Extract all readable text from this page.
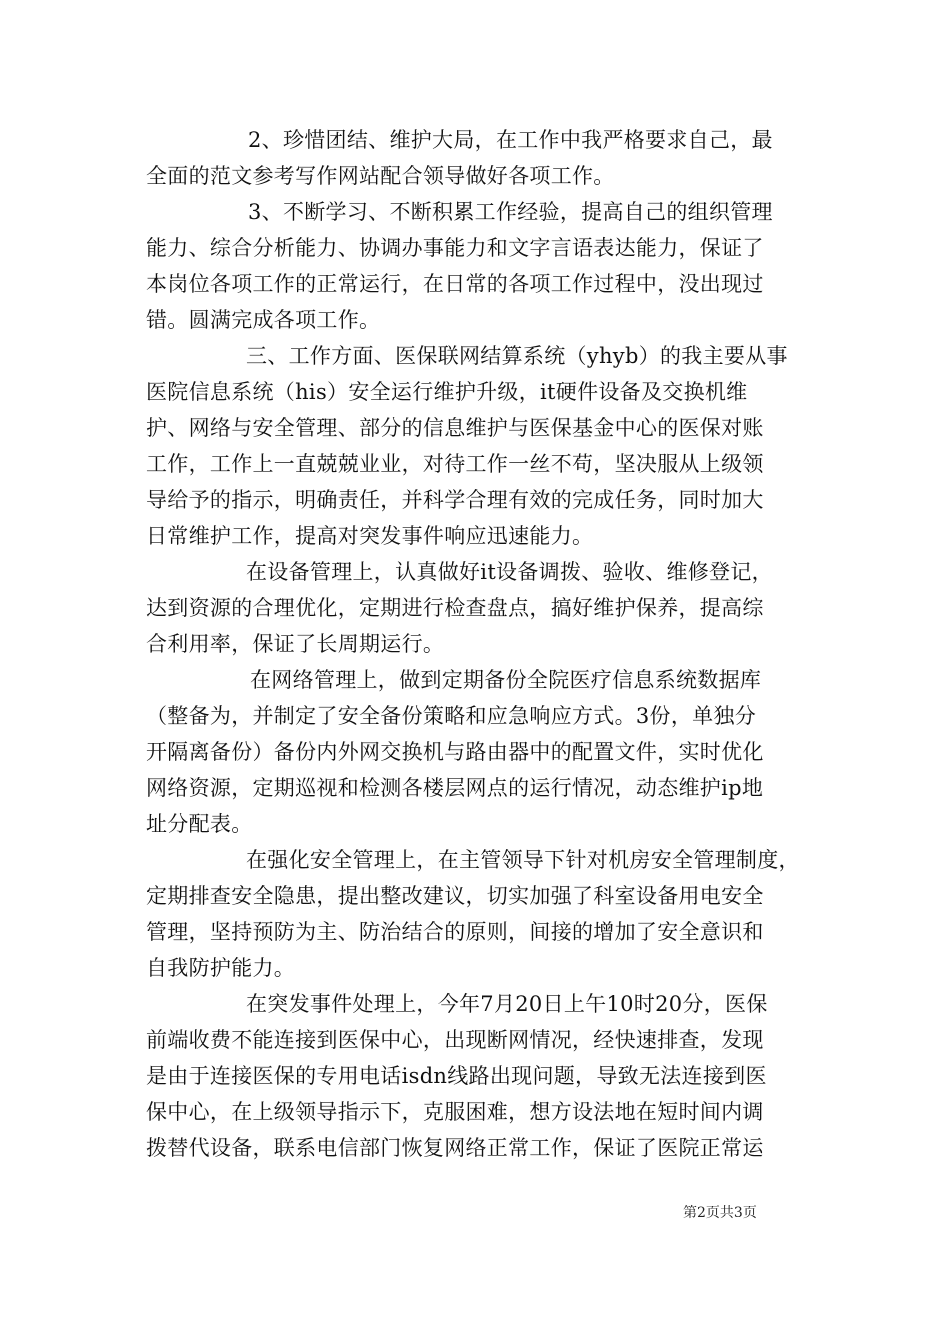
2、珍惜团结、维护大局，在工作中我严格要求自己，最
全面的范文参考写作网站配合领导做好各项工作。
3、不断学习、不断积累工作经验，提高自己的组织管理
能力、综合分析能力、协调办事能力和文字言语表达能力，保证了
本岗位各项工作的正常运行，在日常的各项工作过程中，没出现过
错。圆满完成各项工作。
三、工作方面、医保联网结算系统（yhyb）的我主要从事
医院信息系统（his）安全运行维护升级，it硬件设备及交换机维
护、网络与安全管理、部分的信息维护与医保基金中心的医保对账
工作，工作上一直兢兢业业，对待工作一丝不苟，坚决服从上级领
导给予的指示，明确责任，并科学合理有效的完成任务，同时加大
日常维护工作，提高对突发事件响应迅速能力。
在设备管理上，认真做好it设备调拨、验收、维修登记，
达到资源的合理优化，定期进行检查盘点，搞好维护保养，提高综
合利用率，保证了长周期运行。
在网络管理上，做到定期备份全院医疗信息系统数据库
（整备为，并制定了安全备份策略和应急响应方式。3份，单独分
开隔离备份）备份内外网交换机与路由器中的配置文件，实时优化
网络资源，定期巡视和检测各楼层网点的运行情况，动态维护ip地
址分配表。
在强化安全管理上，在主管领导下针对机房安全管理制度，
定期排查安全隐患，提出整改建议，切实加强了科室设备用电安全
管理，坚持预防为主、防治结合的原则，间接的增加了安全意识和
自我防护能力。
在突发事件处理上，今年7月20日上午10时20分，医保
前端收费不能连接到医保中心，出现断网情况，经快速排查，发现
是由于连接医保的专用电话isdn线路出现问题，导致无法连接到医
保中心，在上级领导指示下，克服困难，想方设法地在短时间内调
拨替代设备，联系电信部门恢复网络正常工作，保证了医院正常运
第2页共3页
